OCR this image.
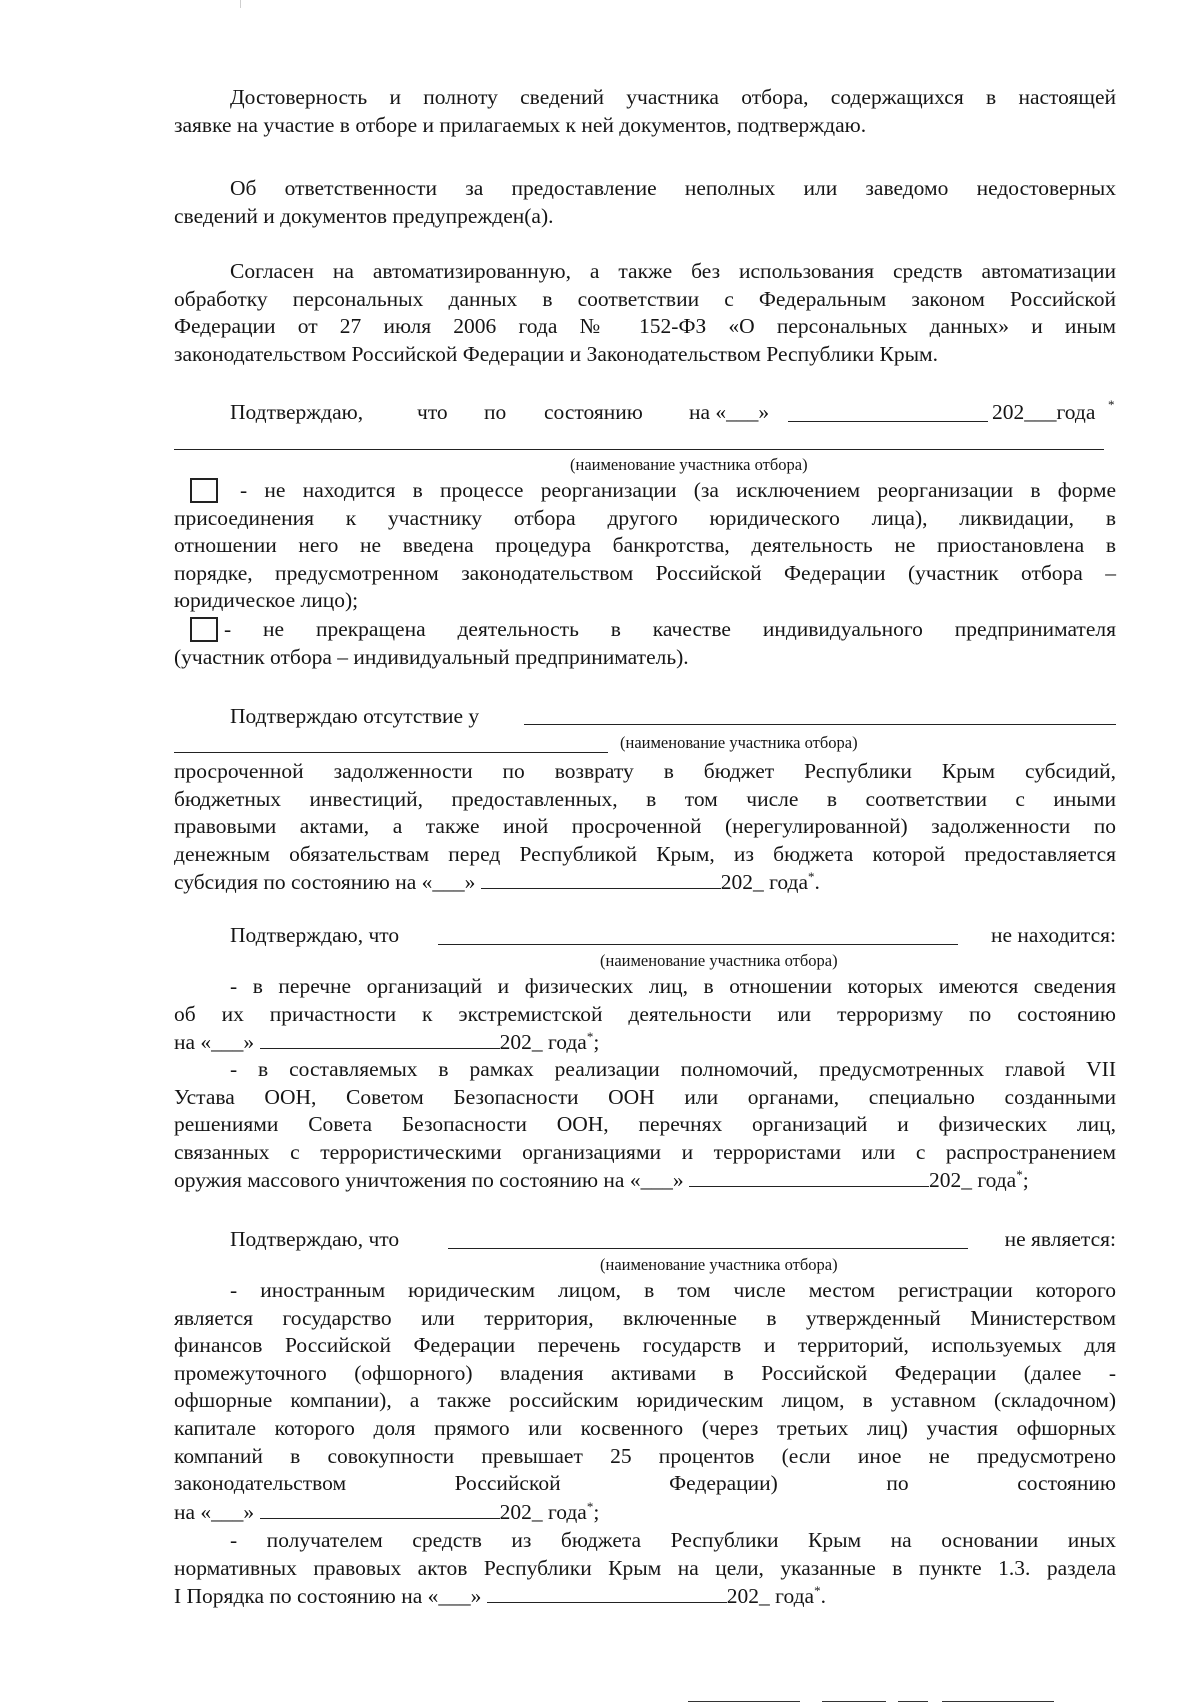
Достоверность и полноту сведений участника отбора, содержащихся в настоящей
заявке на участие в отборе и прилагаемых к ней документов, подтверждаю.
Об ответственности за предоставление неполных или заведомо недостоверных
сведений и документов предупрежден(а).
Согласен на автоматизированную, а также без использования средств автоматизации
обработку персональных данных в соответствии с Федеральным законом Российской
Федерации от 27 июля 2006 года № 152-ФЗ «О персональных данных» и иным
законодательством Российской Федерации и Законодательством Республики Крым.
Подтверждаю,	что по состоянию на «___»	202___года *
(наименование участника отбора)
- не находится в процессе реорганизации (за исключением реорганизации в форме
присоединения к участнику отбора другого юридического лица), ликвидации, в
отношении него не введена процедура банкротства, деятельность не приостановлена в
порядке, предусмотренном законодательством Российской Федерации (участник отбора –
юридическое лицо);
- не прекращена деятельность в качестве индивидуального предпринимателя
(участник отбора – индивидуальный предприниматель).
Подтверждаю отсутствие у
(наименование участника отбора)
просроченной задолженности по возврату в бюджет Республики Крым субсидий,
бюджетных инвестиций, предоставленных, в том числе в соответствии с иными
правовыми актами, а также иной просроченной (нерегулированной) задолженности по
денежным обязательствам перед Республикой Крым, из бюджета которой предоставляется
субсидия по состоянию на «___»	202_ года*.
Подтверждаю, что	не находится:
(наименование участника отбора)
- в перечне организаций и физических лиц, в отношении которых имеются сведения
об их причастности к экстремистской деятельности или терроризму по состоянию
на «___»	202_ года*;
- в составляемых в рамках реализации полномочий, предусмотренных главой VII
Устава ООН, Советом Безопасности ООН или органами, специально созданными
решениями Совета Безопасности ООН, перечнях организаций и физических лиц,
связанных с террористическими организациями и террористами или с распространением
оружия массового уничтожения по состоянию на «___»	202_ года*;
Подтверждаю, что	не является:
(наименование участника отбора)
- иностранным юридическим лицом, в том числе местом регистрации которого
является государство или территория, включенные в утвержденный Министерством
финансов Российской Федерации перечень государств и территорий, используемых для
промежуточного (офшорного) владения активами в Российской Федерации (далее -
офшорные компании), а также российским юридическим лицом, в уставном (складочном)
капитале которого доля прямого или косвенного (через третьих лиц) участия офшорных
компаний в совокупности превышает 25 процентов (если иное не предусмотрено
законодательством Российской Федерации) по состоянию
на «___»	202_ года*;
- получателем средств из бюджета Республики Крым на основании иных
нормативных правовых актов Республики Крым на цели, указанные в пункте 1.3. раздела
I Порядка по состоянию на «___»	202_ года*.
